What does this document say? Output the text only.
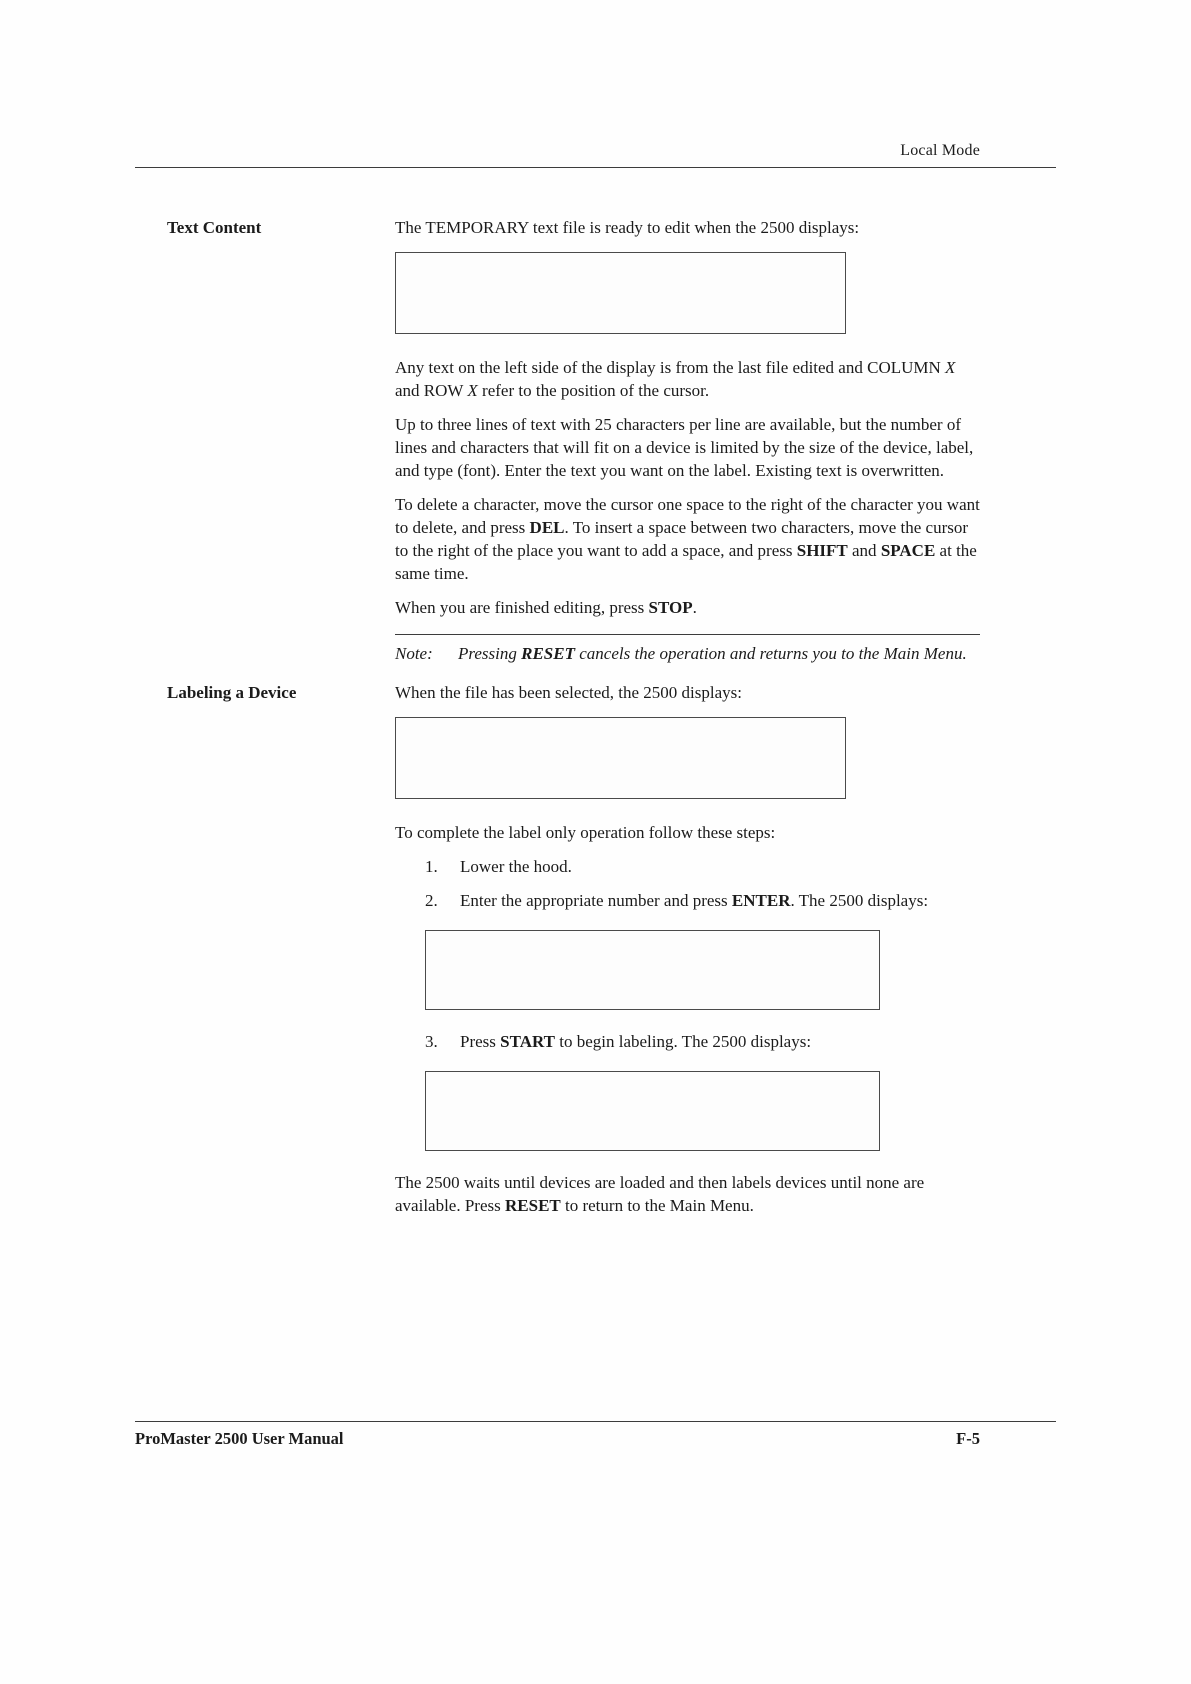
Local Mode
Text Content	The TEMPORARY text file is ready to edit when the 2500 displays:

Any text on the left side of the display is from the last file edited and COLUMN X and ROW X refer to the position of the cursor.

Up to three lines of text with 25 characters per line are available, but the number of lines and characters that will fit on a device is limited by the size of the device, label, and type (font). Enter the text you want on the label. Existing text is overwritten.

To delete a character, move the cursor one space to the right of the character you want to delete, and press DEL. To insert a space between two characters, move the cursor to the right of the place you want to add a space, and press SHIFT and SPACE at the same time.

When you are finished editing, press STOP.

Note:	Pressing RESET cancels the operation and returns you to the Main Menu.
Labeling a Device	When the file has been selected, the 2500 displays:

To complete the label only operation follow these steps:

1.	Lower the hood.
2.	Enter the appropriate number and press ENTER. The 2500 displays:
3.	Press START to begin labeling. The 2500 displays:

The 2500 waits until devices are loaded and then labels devices until none are available. Press RESET to return to the Main Menu.

ProMaster 2500 User Manual	F-5
